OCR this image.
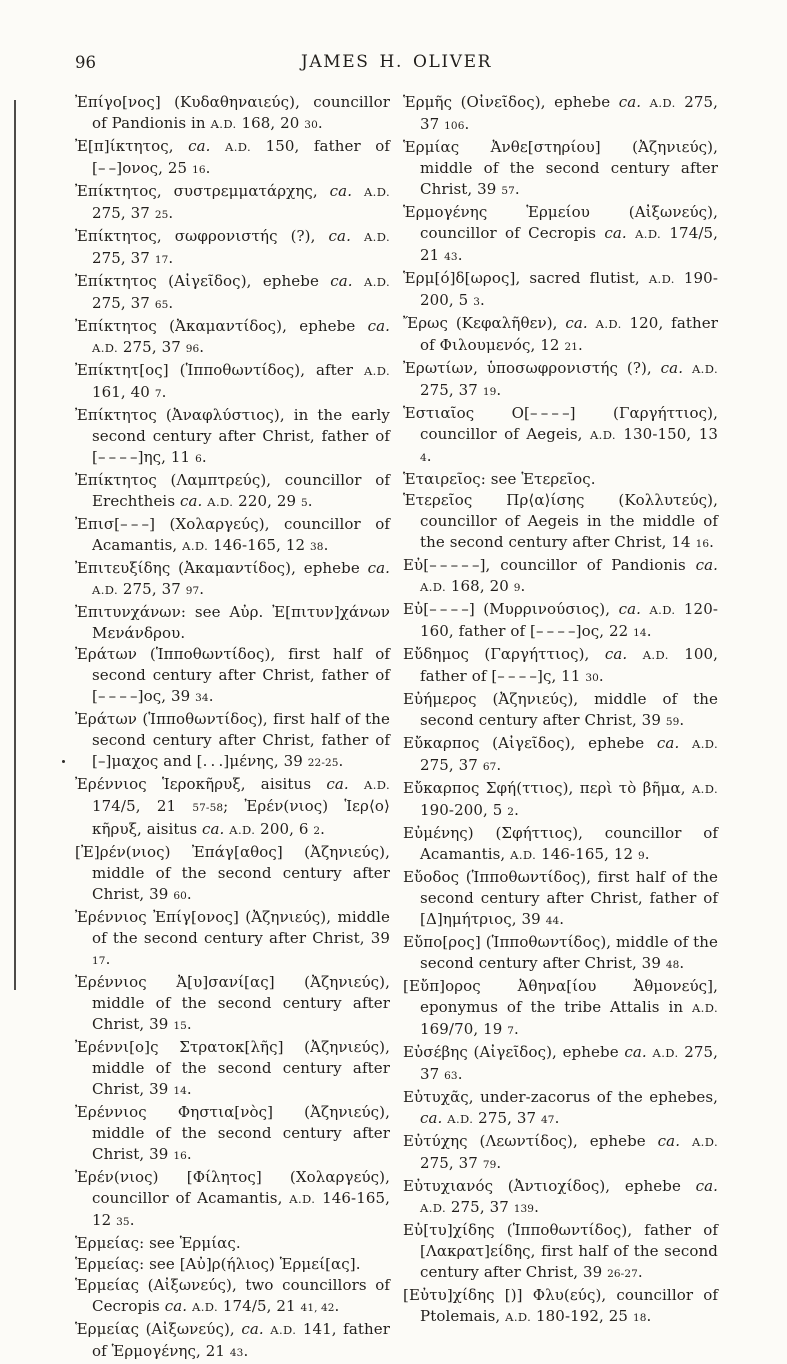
96	JAMES H. OLIVER

Ἐπίγο[νος] (Κυδαθηναιεύς), councillor of Pandionis in A.D. 168, 20 30.

Ἐ[π]ίκτητος, ca. A.D. 150, father of [– –]ονος, 25 16.

Ἐπίκτητος, συστρεμματάρχης, ca. A.D. 275, 37 25.

Ἐπίκτητος, σωφρονιστής (?), ca. A.D. 275, 37 17.

Ἐπίκτητος (Αἰγεῖδος), ephebe ca. A.D. 275, 37 65.

Ἐπίκτητος (Ἀκαμαντίδος), ephebe ca. A.D. 275, 37 96.

Ἐπίκτητ[ος] (Ἱπποθωντίδος), after A.D. 161, 40 7.

Ἐπίκτητος (Ἀναφλύστιος), in the early second century after Christ, father of [– – – –]ης, 11 6.

Ἐπίκτητος (Λαμπτρεύς), councillor of Erechtheis ca. A.D. 220, 29 5.

Ἐπισ[– – –] (Χολαργεύς), councillor of Acamantis, A.D. 146-165, 12 38.

Ἐπιτευξίδης (Ἀκαμαντίδος), ephebe ca. A.D. 275, 37 97.

Ἐπιτυνχάνων: see Αὐρ. Ἐ[πιτυν]χάνων Μενάνδρου.

Ἐράτων (Ἱπποθωντίδος), first half of second century after Christ, father of [– – – –]ος, 39 34.

Ἐράτων (Ἱπποθωντίδος), first half of the second century after Christ, father of [–]μαχος and [. . .]μένης, 39 22-25.

Ἐρέννιος Ἱεροκῆρυξ, aisitus ca. A.D. 174/5, 21 57-58; Ἐρέν(νιος) Ἱερ⟨ο⟩κῆρυξ, aisitus ca. A.D. 200, 6 2.

[Ἐ]ρέν(νιος) Ἐπάγ[αθος] (Ἀζηνιεύς), middle of the second century after Christ, 39 60.

Ἐρέννιος Ἐπίγ[ονος] (Ἀζηνιεύς), middle of the second century after Christ, 39 17.

Ἐρέννιος Ἀ[υ]σανί[ας] (Ἀζηνιεύς), middle of the second century after Christ, 39 15.

Ἐρέννι[ο]ς Στρατοκ[λῆς] (Ἀζηνιεύς), middle of the second century after Christ, 39 14.

Ἐρέννιος Φηστια[νὸς] (Ἀζηνιεύς), middle of the second century after Christ, 39 16.

Ἐρέν(νιος) [Φίλητος] (Χολαργεύς), councillor of Acamantis, A.D. 146-165, 12 35.

Ἑρμείας: see Ἑρμίας.

Ἑρμείας: see [Αὐ]ρ(ήλιος) Ἑρμεί[ας].

Ἑρμείας (Αἰξωνεύς), two councillors of Cecropis ca. A.D. 174/5, 21 41, 42.

Ἑρμείας (Αἰξωνεύς), ca. A.D. 141, father of Ἑρμογένης, 21 43.

Ἑρμῆς (Οἰνεῖδος), ephebe ca. A.D. 275, 37 106.

Ἑρμίας Ἀνθε[στηρίου] (Ἀζηνιεύς), middle of the second century after Christ, 39 57.

Ἑρμογένης Ἑρμείου (Αἰξωνεύς), councillor of Cecropis ca. A.D. 174/5, 21 43.

Ἑρμ[ό]δ[ωρος], sacred flutist, A.D. 190-200, 5 3.

Ἔρως (Κεφαλῆθεν), ca. A.D. 120, father of Φιλουμενός, 12 21.

Ἐρωτίων, ὑποσωφρονιστής (?), ca. A.D. 275, 37 19.

Ἑστιαῖος Ο[– – – –] (Γαργήττιος), councillor of Aegeis, A.D. 130-150, 13 4.

Ἑταιρεῖος: see Ἑτερεῖος.

Ἑτερεῖος Πρ⟨α⟩ίσης (Κολλυτεύς), councillor of Aegeis in the middle of the second century after Christ, 14 16.

Εὐ[– – – – –], councillor of Pandionis ca. A.D. 168, 20 9.

Εὐ[– – – –] (Μυρρινούσιος), ca. A.D. 120-160, father of [– – – –]ος, 22 14.

Εὔδημος (Γαργήττιος), ca. A.D. 100, father of [– – – –]ς, 11 30.

Εὐήμερος (Ἀζηνιεύς), middle of the second century after Christ, 39 59.

Εὔκαρπος (Αἰγεῖδος), ephebe ca. A.D. 275, 37 67.

Εὔκαρπος Σφή(ττιος), περὶ τὸ βῆμα, A.D. 190-200, 5 2.

Εὐμένης) (Σφήττιος), councillor of Acamantis, A.D. 146-165, 12 9.

Εὔοδος (Ἱπποθωντίδος), first half of the second century after Christ, father of [Δ]ημήτριος, 39 44.

Εὔπο[ρος] (Ἱπποθωντίδος), middle of the second century after Christ, 39 48.

[Εὔπ]ορος Ἀθηνα[ίου Ἀθμονεύς], eponymus of the tribe Attalis in A.D. 169/70, 19 7.

Εὐσέβης (Αἰγεῖδος), ephebe ca. A.D. 275, 37 63.

Εὐτυχᾶς, under-zacorus of the ephebes, ca. A.D. 275, 37 47.

Εὐτύχης (Λεωντίδος), ephebe ca. A.D. 275, 37 79.

Εὐτυχιανός (Ἀντιοχίδος), ephebe ca. A.D. 275, 37 139.

Εὐ[τυ]χίδης (Ἱπποθωντίδος), father of [Λακρατ]είδης, first half of the second century after Christ, 39 26-27.

[Εὐτυ]χίδης [)] Φλυ(εύς), councillor of Ptolemais, A.D. 180-192, 25 18.
